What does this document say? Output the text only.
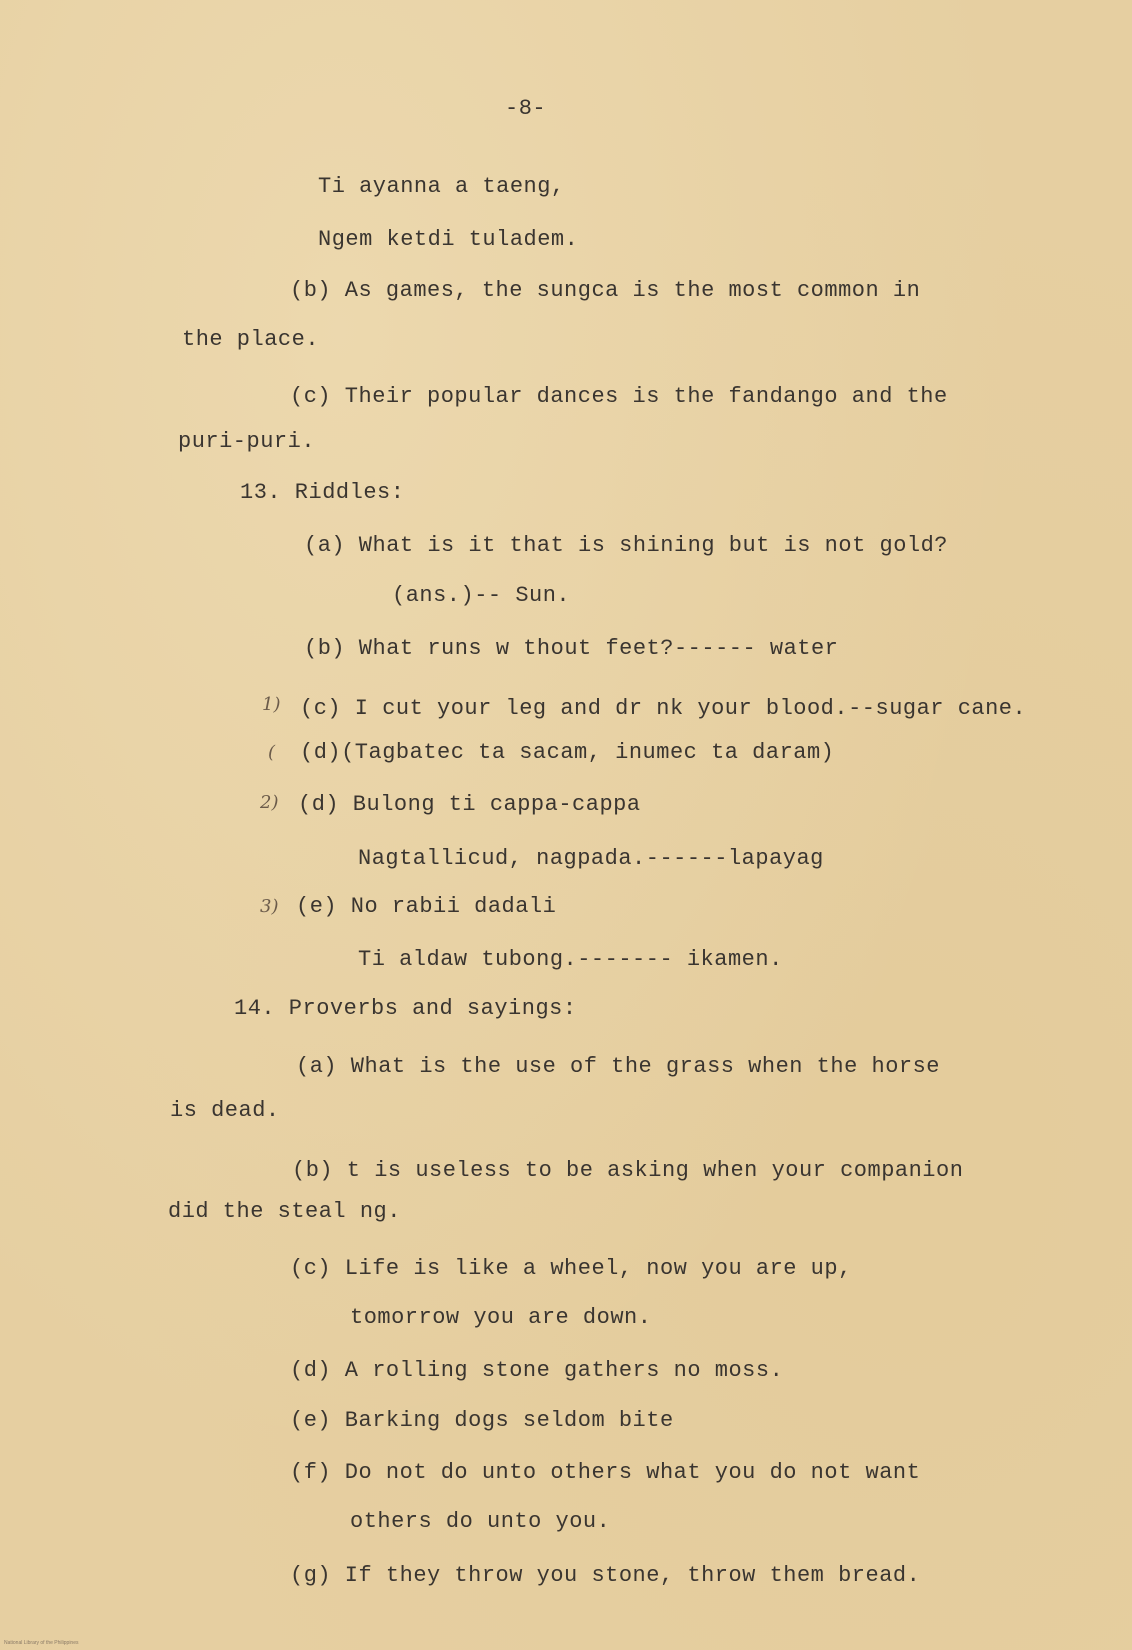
-8-
Ti ayanna a taeng,
Ngem ketdi tuladem.
(b) As games, the sungca is the most common in
the place.
(c) Their popular dances is the fandango and the
puri-puri.
13. Riddles:
(a) What is it that is shining but is not gold?
(ans.)-- Sun.
(b) What runs w thout feet?------ water
(c) I cut your leg and dr nk your blood.--sugar cane.
(d)(Tagbatec ta sacam, inumec ta daram)
(d) Bulong ti cappa-cappa
Nagtallicud, nagpada.------lapayag
(e) No rabii dadali
Ti aldaw tubong.------- ikamen.
14. Proverbs and sayings:
(a) What is the use of the grass when the horse
is dead.
(b) t is useless to be asking when your companion
did the steal ng.
(c) Life is like a wheel, now you are up,
tomorrow you are down.
(d) A rolling stone gathers no moss.
(e) Barking dogs seldom bite
(f) Do not do unto others what you do not want
others do unto you.
(g) If they throw you stone, throw them bread.
1)
(
2)
3)
National Library of the Philippines
